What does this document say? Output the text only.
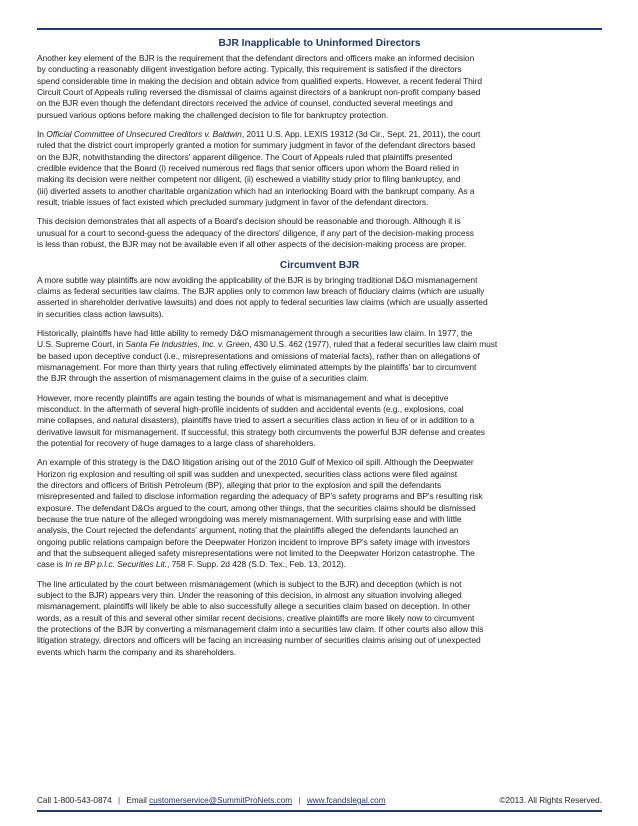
BJR Inapplicable to Uninformed Directors

Another key element of the BJR is the requirement that the defendant directors and officers make an informed decision
by conducting a reasonably diligent investigation before acting. Typically, this requirement is satisfied if the directors
spend considerable time in making the decision and obtain advice from qualified experts. However, a recent federal Third
Circuit Court of Appeals ruling reversed the dismissal of claims against directors of a bankrupt non-profit company based
on the BJR even though the defendant directors received the advice of counsel, conducted several meetings and
pursued various options before making the challenged decision to file for bankruptcy protection.

In Official Committee of Unsecured Creditors v. Baldwin, 2011 U.S. App. LEXIS 19312 (3d Cir., Sept. 21, 2011), the court
ruled that the district court improperly granted a motion for summary judgment in favor of the defendant directors based
on the BJR, notwithstanding the directors' apparent diligence. The Court of Appeals ruled that plaintiffs presented
credible evidence that the Board (i) received numerous red flags that senior officers upon whom the Board relied in
making its decision were neither competent nor diligent, (ii) eschewed a viability study prior to filing bankruptcy, and
(iii) diverted assets to another charitable organization which had an interlocking Board with the bankrupt company. As a
result, triable issues of fact existed which precluded summary judgment in favor of the defendant directors.

This decision demonstrates that all aspects of a Board's decision should be reasonable and thorough. Although it is
unusual for a court to second-guess the adequacy of the directors' diligence, if any part of the decision-making process
is less than robust, the BJR may not be available even if all other aspects of the decision-making process are proper.

Circumvent BJR

A more subtle way plaintiffs are now avoiding the applicability of the BJR is by bringing traditional D&O mismanagement
claims as federal securities law claims. The BJR applies only to common law breach of fiduciary claims (which are usually
asserted in shareholder derivative lawsuits) and does not apply to federal securities law claims (which are usually asserted
in securities class action lawsuits).

Historically, plaintiffs have had little ability to remedy D&O mismanagement through a securities law claim. In 1977, the
U.S. Supreme Court, in Santa Fe Industries, Inc. v. Green, 430 U.S. 462 (1977), ruled that a federal securities law claim must
be based upon deceptive conduct (i.e., misrepresentations and omissions of material facts), rather than on allegations of
mismanagement. For more than thirty years that ruling effectively eliminated attempts by the plaintiffs' bar to circumvent
the BJR through the assertion of mismanagement claims in the guise of a securities claim.

However, more recently plaintiffs are again testing the bounds of what is mismanagement and what is deceptive
misconduct. In the aftermath of several high-profile incidents of sudden and accidental events (e.g., explosions, coal
mine collapses, and natural disasters), plaintiffs have tried to assert a securities class action in lieu of or in addition to a
derivative lawsuit for mismanagement. If successful, this strategy both circumvents the powerful BJR defense and creates
the potential for recovery of huge damages to a large class of shareholders.

An example of this strategy is the D&O litigation arising out of the 2010 Gulf of Mexico oil spill. Although the Deepwater
Horizon rig explosion and resulting oil spill was sudden and unexpected, securities class actions were filed against
the directors and officers of British Petroleum (BP), alleging that prior to the explosion and spill the defendants
misrepresented and failed to disclose information regarding the adequacy of BP's safety programs and BP's resulting risk
exposure. The defendant D&Os argued to the court, among other things, that the securities claims should be dismissed
because the true nature of the alleged wrongdoing was merely mismanagement. With surprising ease and with little
analysis, the Court rejected the defendants' argument, noting that the plaintiffs alleged the defendants launched an
ongoing public relations campaign before the Deepwater Horizon incident to improve BP's safety image with investors
and that the subsequent alleged safety misrepresentations were not limited to the Deepwater Horizon catastrophe. The
case is In re BP p.l.c. Securities Lit., 758 F. Supp. 2d 428 (S.D. Tex., Feb. 13, 2012).

The line articulated by the court between mismanagement (which is subject to the BJR) and deception (which is not
subject to the BJR) appears very thin. Under the reasoning of this decision, in almost any situation involving alleged
mismanagement, plaintiffs will likely be able to also successfully allege a securities claim based on deception. In other
words, as a result of this and several other similar recent decisions, creative plaintiffs are more likely now to circumvent
the protections of the BJR by converting a mismanagement claim into a securities law claim. If other courts also allow this
litigation strategy, directors and officers will be facing an increasing number of securities claims arising out of unexpected
events which harm the company and its shareholders.

Call 1-800-543-0874 | Email customerservice@SummitProNets.com | www.fcandslegal.com	©2013. All Rights Reserved.
